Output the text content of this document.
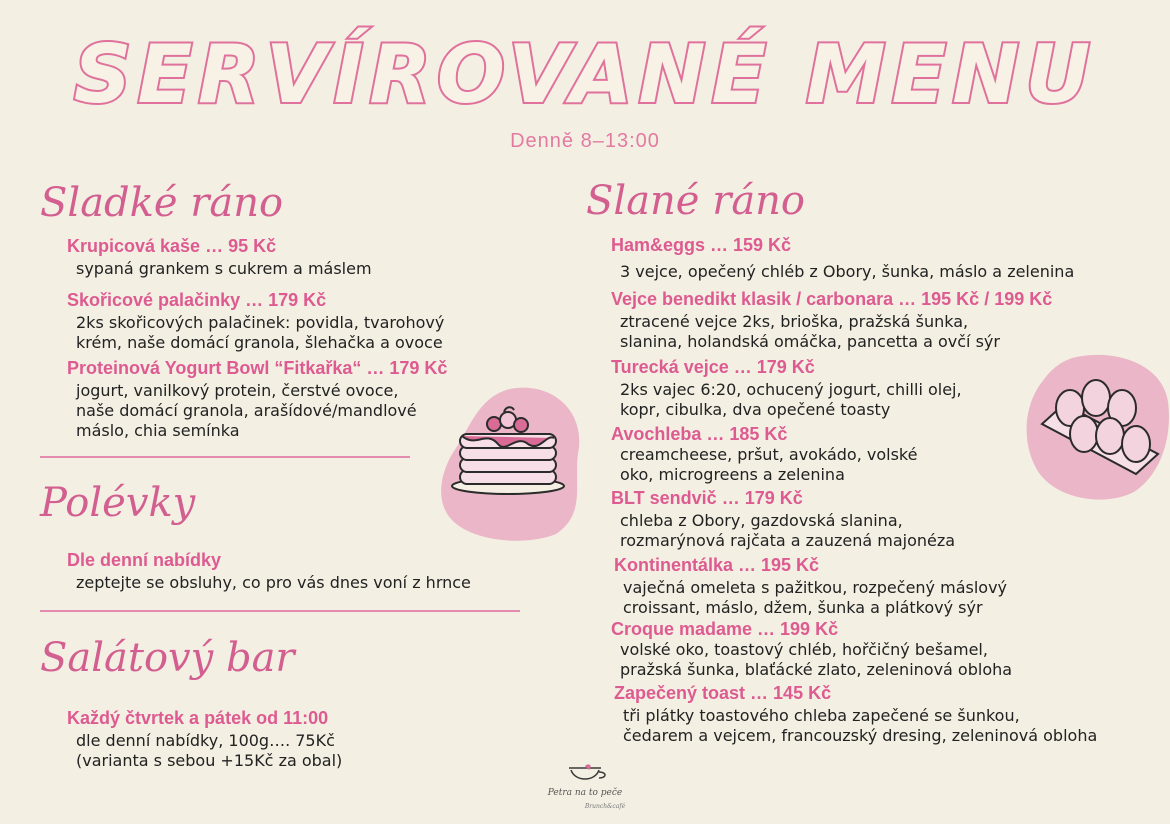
SERVÍROVANÉ MENU
Denně 8–13:00
Sladké ráno
Krupicová kaše … 95 Kč
sypaná grankem s cukrem a máslem
Skořicové palačinky … 179 Kč
2ks skořicových palačinek: povidla, tvarohový
krém, naše domácí granola, šlehačka a ovoce
Proteinová Yogurt Bowl “Fitkařka“ … 179 Kč
jogurt, vanilkový protein, čerstvé ovoce,
naše domácí granola, arašídové/mandlové
máslo, chia semínka
Polévky
Dle denní nabídky
zeptejte se obsluhy, co pro vás dnes voní z hrnce
Salátový bar
Každý čtvrtek a pátek od 11:00
dle denní nabídky, 100g…. 75Kč
(varianta s sebou +15Kč za obal)
Slané ráno
Ham&eggs … 159 Kč
3 vejce, opečený chléb z Obory, šunka, máslo a zelenina
Vejce benedikt klasik / carbonara … 195 Kč / 199 Kč
ztracené vejce 2ks, brioška, pražská šunka,
slanina, holandská omáčka, pancetta a ovčí sýr
Turecká vejce … 179 Kč
2ks vajec 6:20, ochucený jogurt, chilli olej,
kopr, cibulka, dva opečené toasty
Avochleba … 185 Kč
creamcheese, pršut, avokádo, volské
oko, microgreens a zelenina
BLT sendvič … 179 Kč
chleba z Obory, gazdovská slanina,
rozmarýnová rajčata a zauzená majonéza
Kontinentálka … 195 Kč
vaječná omeleta s pažitkou, rozpečený máslový
croissant, máslo, džem, šunka a plátkový sýr
Croque madame … 199 Kč
volské oko, toastový chléb, hořčičný bešamel,
pražská šunka, blaťácké zlato, zeleninová obloha
Zapečený toast … 145 Kč
tři plátky toastového chleba zapečené se šunkou,
čedarem a vejcem, francouzský dresing, zeleninová obloha
Petra na to peče
Brunch&café
